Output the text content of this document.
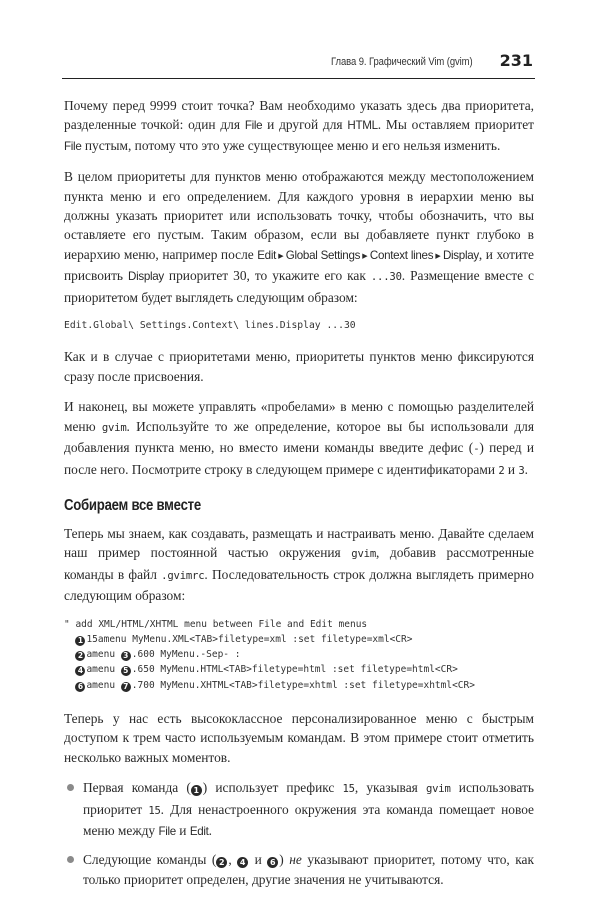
Глава 9. Графический Vim (gvim) 231

Почему перед 9999 стоит точка? Вам необходимо указать здесь два приоритета, разделенные точкой: один для File и другой для HTML. Мы оставляем приоритет File пустым, потому что это уже существующее меню и его нельзя изменить.

В целом приоритеты для пунктов меню отображаются между местоположением пункта меню и его определением. Для каждого уровня в иерархии меню вы должны указать приоритет или использовать точку, чтобы обозначить, что вы оставляете его пустым. Таким образом, если вы добавляете пункт глубоко в иерархию меню, например после Edit ▶ Global Settings ▶ Context lines ▶ Display, и хотите присвоить Display приоритет 30, то укажите его как ...30. Размещение вместе с приоритетом будет выглядеть следующим образом:

Edit.Global\ Settings.Context\ lines.Display ...30

Как и в случае с приоритетами меню, приоритеты пунктов меню фиксируются сразу после присвоения.

И наконец, вы можете управлять «пробелами» в меню с помощью разделителей меню gvim. Используйте то же определение, которое вы бы использовали для добавления пункта меню, но вместо имени команды введите дефис (-) перед и после него. Посмотрите строку в следующем примере с идентификаторами 2 и 3.

Собираем все вместе

Теперь мы знаем, как создавать, размещать и настраивать меню. Давайте сделаем наш пример постоянной частью окружения gvim, добавив рассмотренные команды в файл .gvimrc. Последовательность строк должна выглядеть примерно следующим образом:

" add XML/HTML/XHTML menu between File and Edit menus
1 15amenu MyMenu.XML<TAB>filetype=xml :set filetype=xml<CR>
2 amenu 3 .600 MyMenu.-Sep- :
4 amenu 5 .650 MyMenu.HTML<TAB>filetype=html :set filetype=html<CR>
6 amenu 7 .700 MyMenu.XHTML<TAB>filetype=xhtml :set filetype=xhtml<CR>

Теперь у нас есть высококлассное персонализированное меню с быстрым доступом к трем часто используемым командам. В этом примере стоит отметить несколько важных моментов.

Первая команда ( 1 ) использует префикс 15, указывая gvim использовать приоритет 15. Для ненастроенного окружения эта команда помещает новое меню между File и Edit.

Следующие команды ( 2 , 4 и 6 ) не указывают приоритет, потому что, как только приоритет определен, другие значения не учитываются.
